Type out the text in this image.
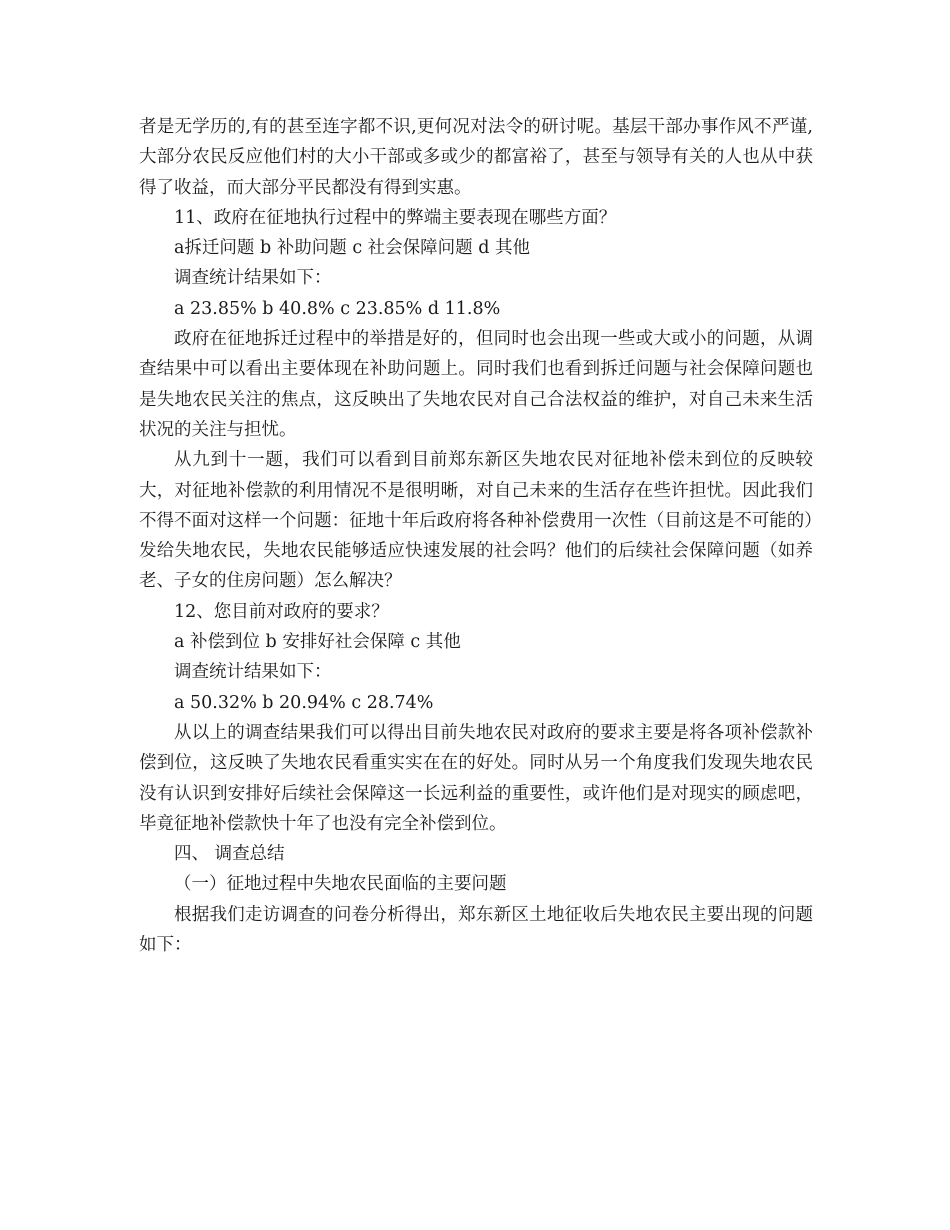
者是无学历的,有的甚至连字都不识,更何况对法令的研讨呢。基层干部办事作风不严谨,大部分农民反应他们村的大小干部或多或少的都富裕了，甚至与领导有关的人也从中获得了收益，而大部分平民都没有得到实惠。

11、政府在征地执行过程中的弊端主要表现在哪些方面？

a拆迁问题 b 补助问题 c 社会保障问题 d 其他

调查统计结果如下：

a 23.85% b 40.8% c 23.85% d 11.8%

政府在征地拆迁过程中的举措是好的，但同时也会出现一些或大或小的问题，从调查结果中可以看出主要体现在补助问题上。同时我们也看到拆迁问题与社会保障问题也是失地农民关注的焦点，这反映出了失地农民对自己合法权益的维护，对自己未来生活状况的关注与担忧。

从九到十一题，我们可以看到目前郑东新区失地农民对征地补偿未到位的反映较大，对征地补偿款的利用情况不是很明晰，对自己未来的生活存在些许担忧。因此我们不得不面对这样一个问题：征地十年后政府将各种补偿费用一次性（目前这是不可能的）发给失地农民，失地农民能够适应快速发展的社会吗？他们的后续社会保障问题（如养老、子女的住房问题）怎么解决？

12、您目前对政府的要求？

a 补偿到位 b 安排好社会保障 c 其他

调查统计结果如下：

a 50.32% b 20.94% c 28.74%

从以上的调查结果我们可以得出目前失地农民对政府的要求主要是将各项补偿款补偿到位，这反映了失地农民看重实实在在的好处。同时从另一个角度我们发现失地农民没有认识到安排好后续社会保障这一长远利益的重要性，或许他们是对现实的顾虑吧，毕竟征地补偿款快十年了也没有完全补偿到位。

四、 调查总结

（一）征地过程中失地农民面临的主要问题

根据我们走访调查的问卷分析得出，郑东新区土地征收后失地农民主要出现的问题如下：
